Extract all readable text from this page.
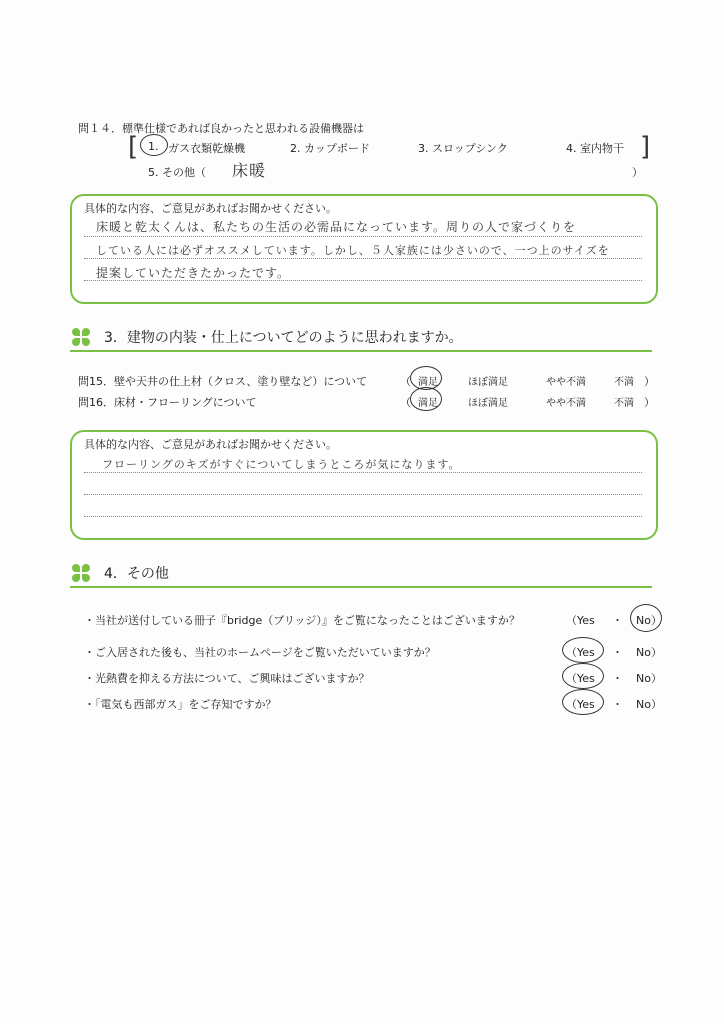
問１４．標準仕様であれば良かったと思われる設備機器は
[	]
1. ガス衣類乾燥機	2. カップボード	3. スロップシンク	4. 室内物干
5. その他（ 床暖	）
具体的な内容、ご意見があればお聞かせください。
床暖と乾太くんは、私たちの生活の必需品になっています。周りの人で家づくりを
している人には必ずオススメしています。しかし、５人家族には少さいので、一つ上のサイズを
提案していただきたかったです。
3．建物の内装・仕上についてどのように思われますか。
問15．壁や天井の仕上材（クロス、塗り壁など）について	（ 満足	ほぼ満足	やや不満	不満 ）
問16．床材・フローリングについて	（ 満足	ほぼ満足	やや不満	不満 ）
具体的な内容、ご意見があればお聞かせください。
フローリングのキズがすぐについてしまうところが気になります。
4．その他
・当社が送付している冊子『bridge（ブリッジ）』をご覧になったことはございますか？	（Yes ・ No）
・ご入居された後も、当社のホームページをご覧いただいていますか？	（Yes ・ No）
・光熱費を抑える方法について、ご興味はございますか？	（Yes ・ No）
・「電気も西部ガス」をご存知ですか？	（Yes ・ No）
